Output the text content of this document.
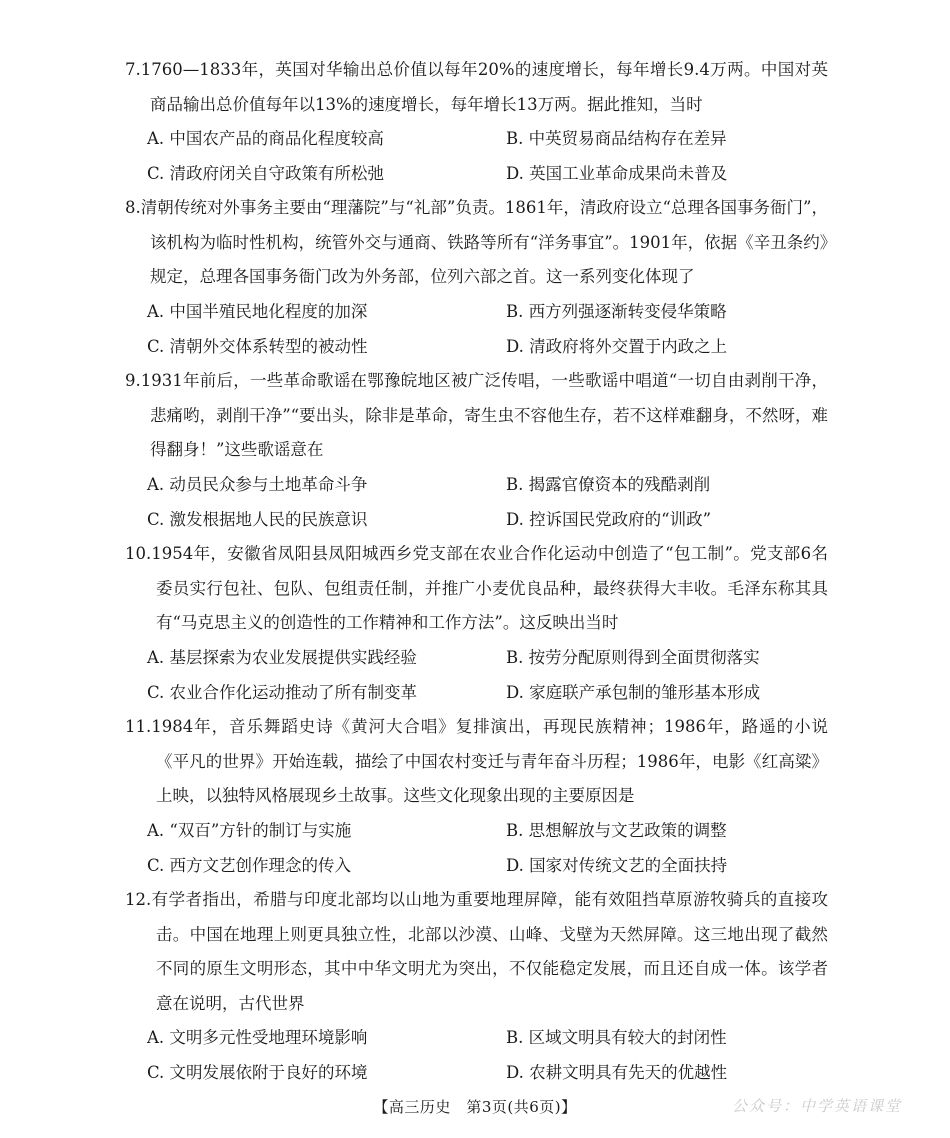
7.1760—1833年，英国对华输出总价值以每年20%的速度增长，每年增长9.4万两。中国对英商品输出总价值每年以13%的速度增长，每年增长13万两。据此推知，当时

A. 中国农产品的商品化程度较高	B. 中英贸易商品结构存在差异
C. 清政府闭关自守政策有所松弛	D. 英国工业革命成果尚未普及

8.清朝传统对外事务主要由“理藩院”与“礼部”负责。1861年，清政府设立“总理各国事务衙门”，该机构为临时性机构，统管外交与通商、铁路等所有“洋务事宜”。1901年，依据《辛丑条约》规定，总理各国事务衙门改为外务部，位列六部之首。这一系列变化体现了

A. 中国半殖民地化程度的加深	B. 西方列强逐渐转变侵华策略
C. 清朝外交体系转型的被动性	D. 清政府将外交置于内政之上

9.1931年前后，一些革命歌谣在鄂豫皖地区被广泛传唱，一些歌谣中唱道“一切自由剥削干净，悲痛哟，剥削干净”“要出头，除非是革命，寄生虫不容他生存，若不这样难翻身，不然呀，难得翻身！”这些歌谣意在

A. 动员民众参与土地革命斗争	B. 揭露官僚资本的残酷剥削
C. 激发根据地人民的民族意识	D. 控诉国民党政府的“训政”

10.1954年，安徽省凤阳县凤阳城西乡党支部在农业合作化运动中创造了“包工制”。党支部6名委员实行包社、包队、包组责任制，并推广小麦优良品种，最终获得大丰收。毛泽东称其具有“马克思主义的创造性的工作精神和工作方法”。这反映出当时

A. 基层探索为农业发展提供实践经验	B. 按劳分配原则得到全面贯彻落实
C. 农业合作化运动推动了所有制变革	D. 家庭联产承包制的雏形基本形成

11.1984年，音乐舞蹈史诗《黄河大合唱》复排演出，再现民族精神；1986年，路遥的小说《平凡的世界》开始连载，描绘了中国农村变迁与青年奋斗历程；1986年，电影《红高粱》上映，以独特风格展现乡土故事。这些文化现象出现的主要原因是

A. “双百”方针的制订与实施	B. 思想解放与文艺政策的调整
C. 西方文艺创作理念的传入	D. 国家对传统文艺的全面扶持

12.有学者指出，希腊与印度北部均以山地为重要地理屏障，能有效阻挡草原游牧骑兵的直接攻击。中国在地理上则更具独立性，北部以沙漠、山峰、戈壁为天然屏障。这三地出现了截然不同的原生文明形态，其中中华文明尤为突出，不仅能稳定发展，而且还自成一体。该学者意在说明，古代世界

A. 文明多元性受地理环境影响	B. 区域文明具有较大的封闭性
C. 文明发展依附于良好的环境	D. 农耕文明具有先天的优越性
【高三历史　第3页(共6页)】	公众号：中学英语课堂
